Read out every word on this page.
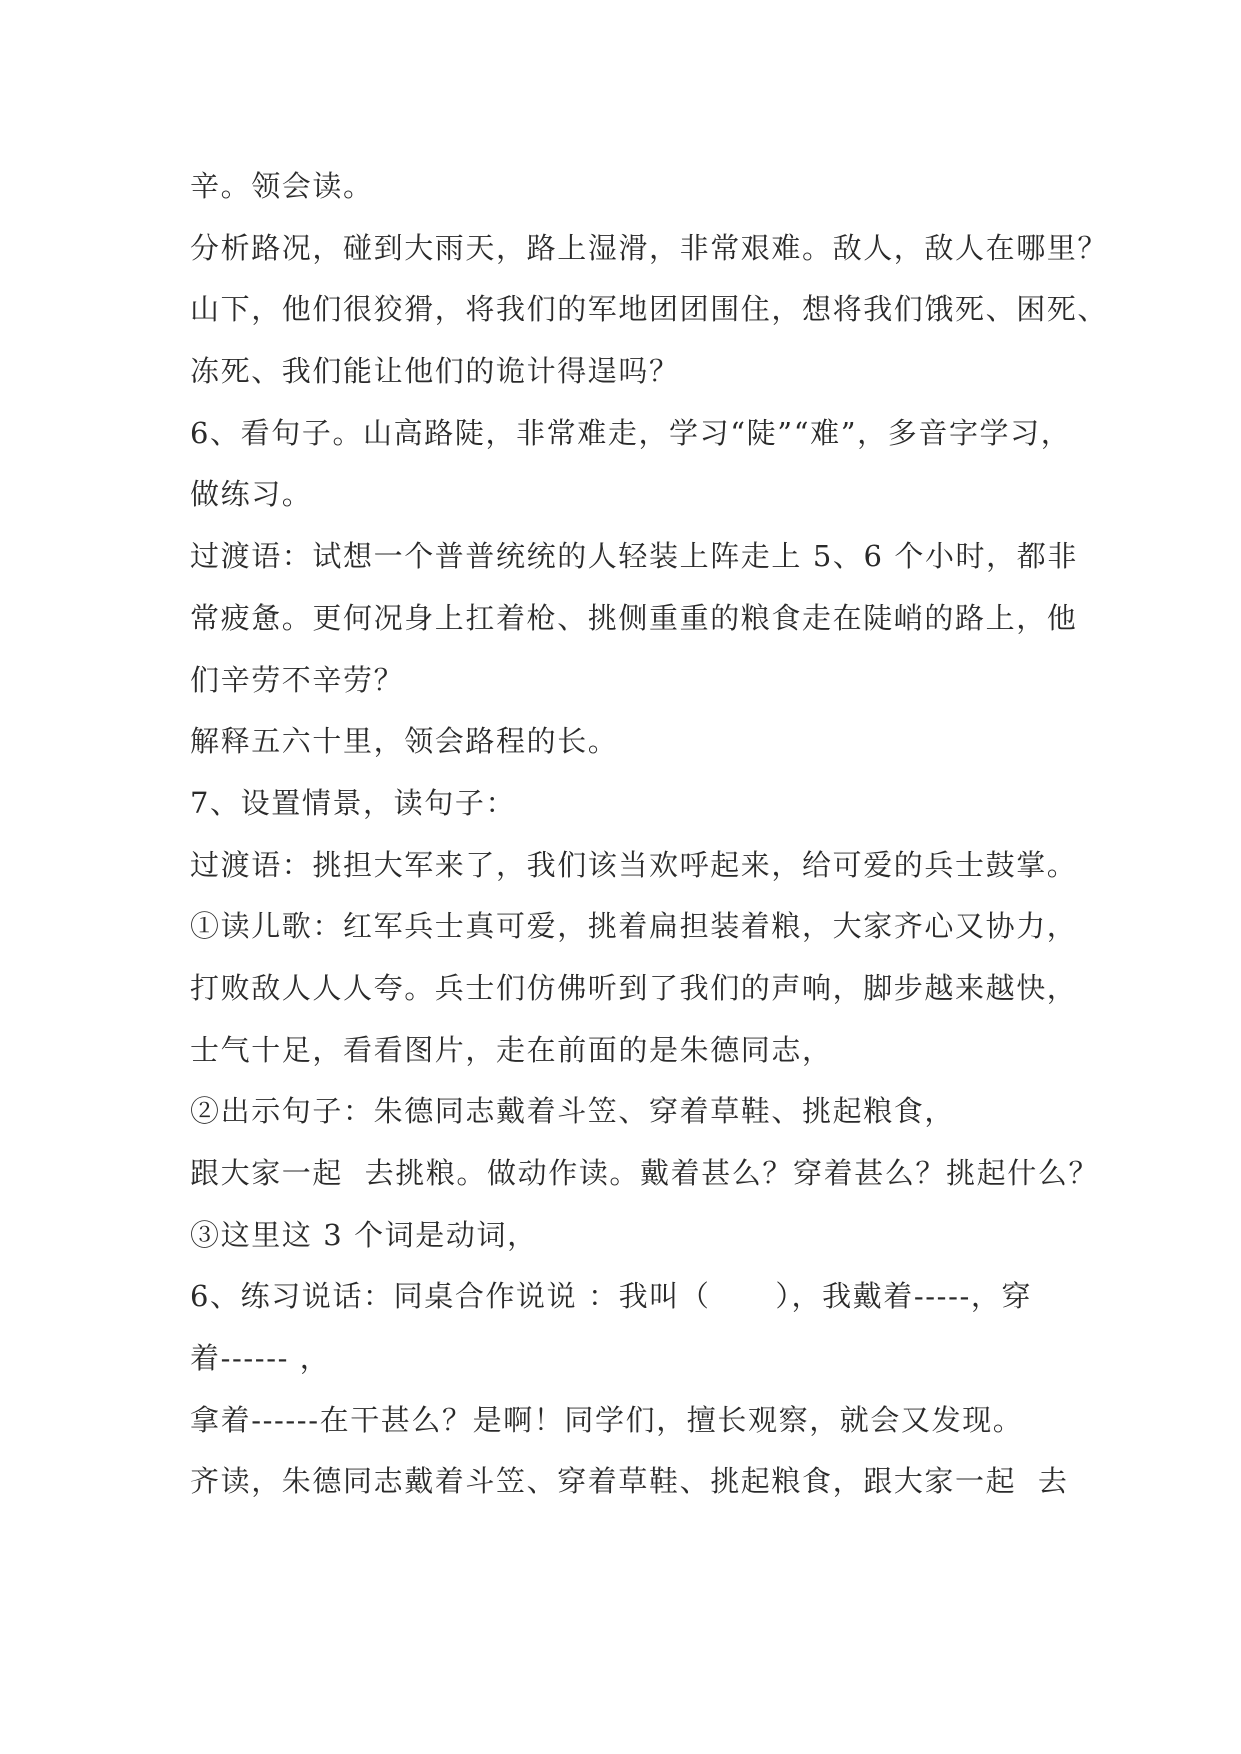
辛。领会读。

分析路况，碰到大雨天，路上湿滑，非常艰难。敌人，敌人在哪里？

山下，他们很狡猾，将我们的军地团团围住，想将我们饿死、困死、

冻死、我们能让他们的诡计得逞吗？

6、看句子。山高路陡，非常难走，学习“陡”“难”，多音字学习，

做练习。

过渡语：试想一个普普统统的人轻装上阵走上 5、6 个小时，都非

常疲惫。更何况身上扛着枪、挑侧重重的粮食走在陡峭的路上，他

们辛劳不辛劳？

解释五六十里，领会路程的长。

7、设置情景，读句子：

过渡语：挑担大军来了，我们该当欢呼起来，给可爱的兵士鼓掌。

①读儿歌：红军兵士真可爱，挑着扁担装着粮，大家齐心又协力，

打败敌人人人夸。兵士们仿佛听到了我们的声响，脚步越来越快，

士气十足，看看图片，走在前面的是朱德同志，

②出示句子：朱德同志戴着斗笠、穿着草鞋、挑起粮食，

跟大家一起  去挑粮。做动作读。戴着甚么？穿着甚么？挑起什么？

③这里这 3 个词是动词，

6、练习说话：同桌合作说说 ：我叫（      ），我戴着-----，穿

着------ ，

拿着------在干甚么？是啊！同学们，擅长观察，就会又发现。

齐读，朱德同志戴着斗笠、穿着草鞋、挑起粮食，跟大家一起  去
